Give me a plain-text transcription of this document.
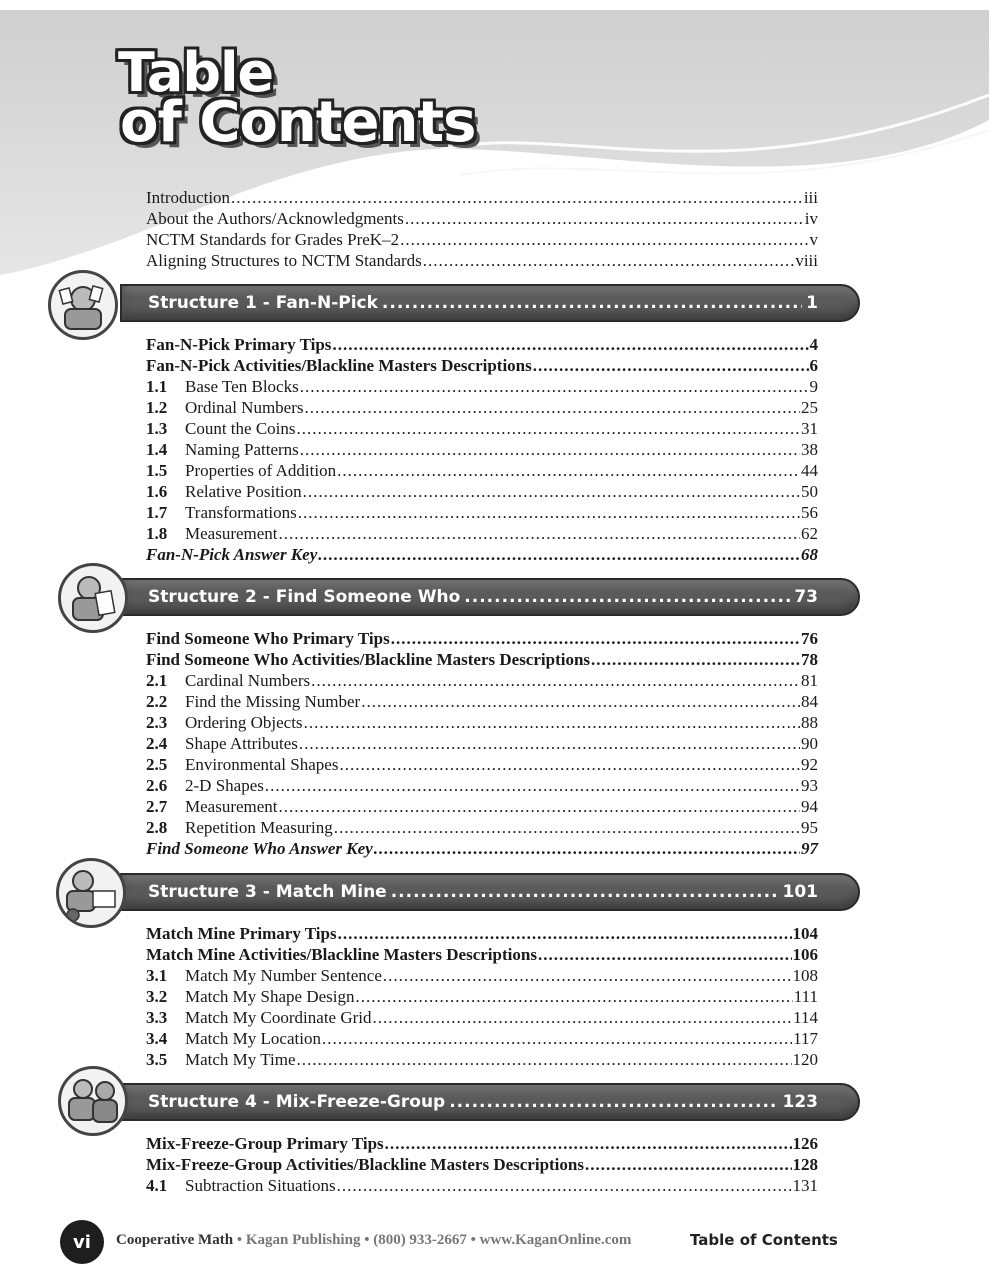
Table
of Contents
Introduction .....	iii
About the Authors/Acknowledgments .....	iv
NCTM Standards for Grades PreK–2 .....	v
Aligning Structures to NCTM Standards .....	viii
Structure 1 - Fan-N-Pick .....	1
Fan-N-Pick Primary Tips .....	4
Fan-N-Pick Activities/Blackline Masters Descriptions .....	6
1.1 Base Ten Blocks .....	9
1.2 Ordinal Numbers .....	25
1.3 Count the Coins .....	31
1.4 Naming Patterns .....	38
1.5 Properties of Addition .....	44
1.6 Relative Position .....	50
1.7 Transformations .....	56
1.8 Measurement .....	62
Fan-N-Pick Answer Key .....	68
Structure 2 - Find Someone Who .....	73
Find Someone Who Primary Tips .....	76
Find Someone Who Activities/Blackline Masters Descriptions .....	78
2.1 Cardinal Numbers .....	81
2.2 Find the Missing Number .....	84
2.3 Ordering Objects .....	88
2.4 Shape Attributes .....	90
2.5 Environmental Shapes .....	92
2.6 2-D Shapes .....	93
2.7 Measurement .....	94
2.8 Repetition Measuring .....	95
Find Someone Who Answer Key .....	97
Structure 3 - Match Mine .....	101
Match Mine Primary Tips .....	104
Match Mine Activities/Blackline Masters Descriptions .....	106
3.1 Match My Number Sentence .....	108
3.2 Match My Shape Design .....	111
3.3 Match My Coordinate Grid .....	114
3.4 Match My Location .....	117
3.5 Match My Time .....	120
Structure 4 - Mix-Freeze-Group .....	123
Mix-Freeze-Group Primary Tips .....	126
Mix-Freeze-Group Activities/Blackline Masters Descriptions .....	128
4.1 Subtraction Situations .....	131
vi	Cooperative Math • Kagan Publishing • (800) 933-2667 • www.KaganOnline.com	Table of Contents
